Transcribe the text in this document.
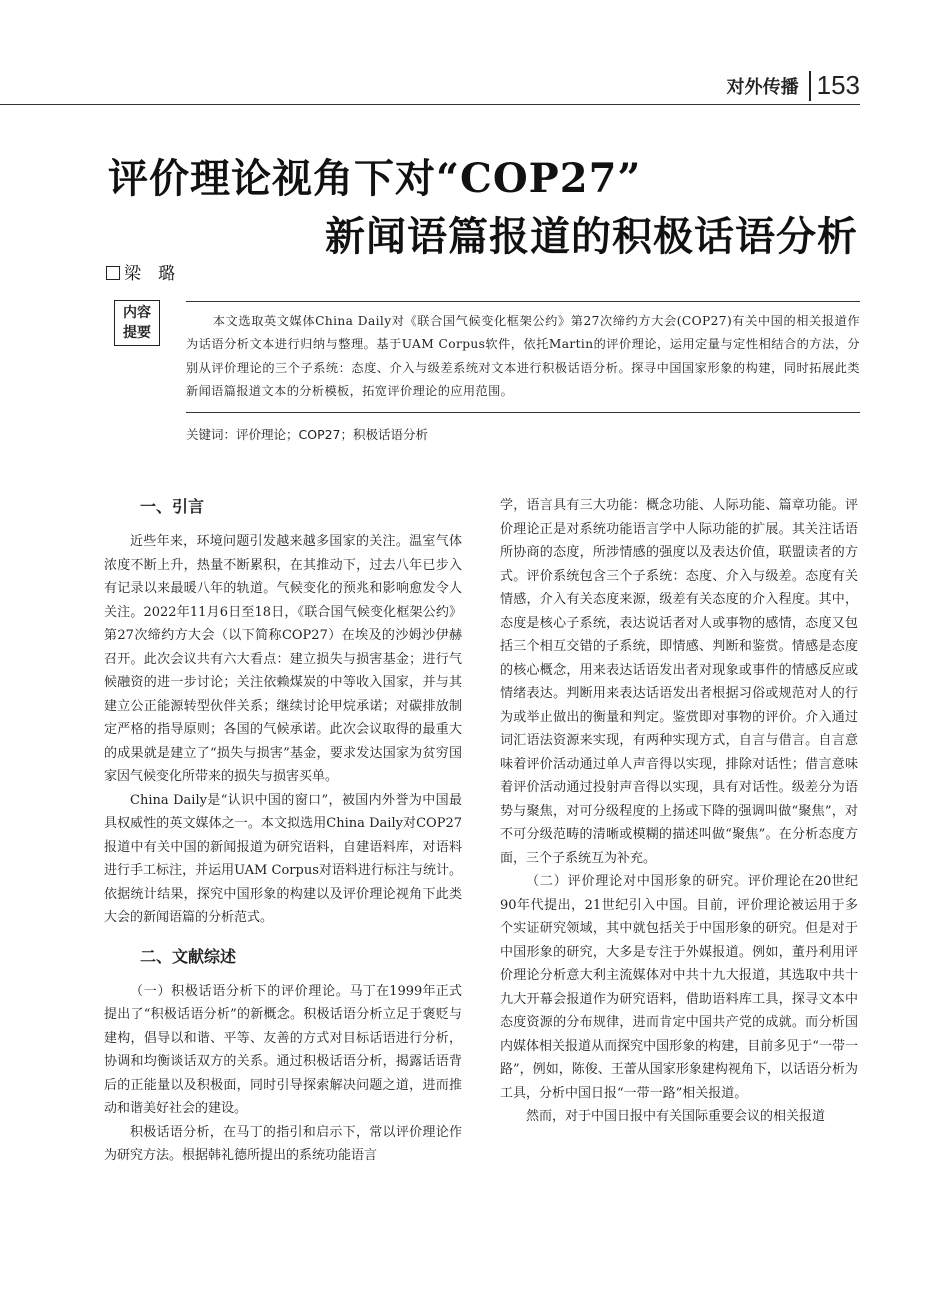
对外传播 153
评价理论视角下对“COP27”
新闻语篇报道的积极话语分析
梁　璐
内容
提要
本文选取英文媒体China Daily对《联合国气候变化框架公约》第27次缔约方大会(COP27)有关中国的相关报道作为话语分析文本进行归纳与整理。基于UAM Corpus软件，依托Martin的评价理论，运用定量与定性相结合的方法，分别从评价理论的三个子系统：态度、介入与级差系统对文本进行积极话语分析。探寻中国国家形象的构建，同时拓展此类新闻语篇报道文本的分析模板，拓宽评价理论的应用范围。
关键词：评价理论；COP27；积极话语分析
一、引言

近些年来，环境问题引发越来越多国家的关注。温室气体浓度不断上升，热量不断累积，在其推动下，过去八年已步入有记录以来最暖八年的轨道。气候变化的预兆和影响愈发令人关注。2022年11月6日至18日，《联合国气候变化框架公约》第27次缔约方大会（以下简称COP27）在埃及的沙姆沙伊赫召开。此次会议共有六大看点：建立损失与损害基金；进行气候融资的进一步讨论；关注依赖煤炭的中等收入国家，并与其建立公正能源转型伙伴关系；继续讨论甲烷承诺；对碳排放制定严格的指导原则；各国的气候承诺。此次会议取得的最重大的成果就是建立了“损失与损害”基金，要求发达国家为贫穷国家因气候变化所带来的损失与损害买单。

China Daily是“认识中国的窗口”，被国内外誉为中国最具权威性的英文媒体之一。本文拟选用China Daily对COP27报道中有关中国的新闻报道为研究语料，自建语料库，对语料进行手工标注，并运用UAM Corpus对语料进行标注与统计。依据统计结果，探究中国形象的构建以及评价理论视角下此类大会的新闻语篇的分析范式。

二、文献综述

（一）积极话语分析下的评价理论。马丁在1999年正式提出了“积极话语分析”的新概念。积极话语分析立足于褒贬与建构，倡导以和谐、平等、友善的方式对目标话语进行分析，协调和均衡谈话双方的关系。通过积极话语分析，揭露话语背后的正能量以及积极面，同时引导探索解决问题之道，进而推动和谐美好社会的建设。

积极话语分析，在马丁的指引和启示下，常以评价理论作为研究方法。根据韩礼德所提出的系统功能语言

学，语言具有三大功能：概念功能、人际功能、篇章功能。评价理论正是对系统功能语言学中人际功能的扩展。其关注话语所协商的态度，所涉情感的强度以及表达价值，联盟读者的方式。评价系统包含三个子系统：态度、介入与级差。态度有关情感，介入有关态度来源，级差有关态度的介入程度。其中，态度是核心子系统，表达说话者对人或事物的感情，态度又包括三个相互交错的子系统，即情感、判断和鉴赏。情感是态度的核心概念，用来表达话语发出者对现象或事件的情感反应或情绪表达。判断用来表达话语发出者根据习俗或规范对人的行为或举止做出的衡量和判定。鉴赏即对事物的评价。介入通过词汇语法资源来实现，有两种实现方式，自言与借言。自言意味着评价活动通过单人声音得以实现，排除对话性；借言意味着评价活动通过投射声音得以实现，具有对话性。级差分为语势与聚焦，对可分级程度的上扬或下降的强调叫做“聚焦”，对不可分级范畴的清晰或模糊的描述叫做“聚焦”。在分析态度方面，三个子系统互为补充。

（二）评价理论对中国形象的研究。评价理论在20世纪90年代提出，21世纪引入中国。目前，评价理论被运用于多个实证研究领域，其中就包括关于中国形象的研究。但是对于中国形象的研究，大多是专注于外媒报道。例如，董丹利用评价理论分析意大利主流媒体对中共十九大报道，其选取中共十九大开幕会报道作为研究语料，借助语料库工具，探寻文本中态度资源的分布规律，进而肯定中国共产党的成就。而分析国内媒体相关报道从而探究中国形象的构建，目前多见于“一带一路”，例如，陈俊、王蕾从国家形象建构视角下，以话语分析为工具，分析中国日报“一带一路”相关报道。

然而，对于中国日报中有关国际重要会议的相关报道
